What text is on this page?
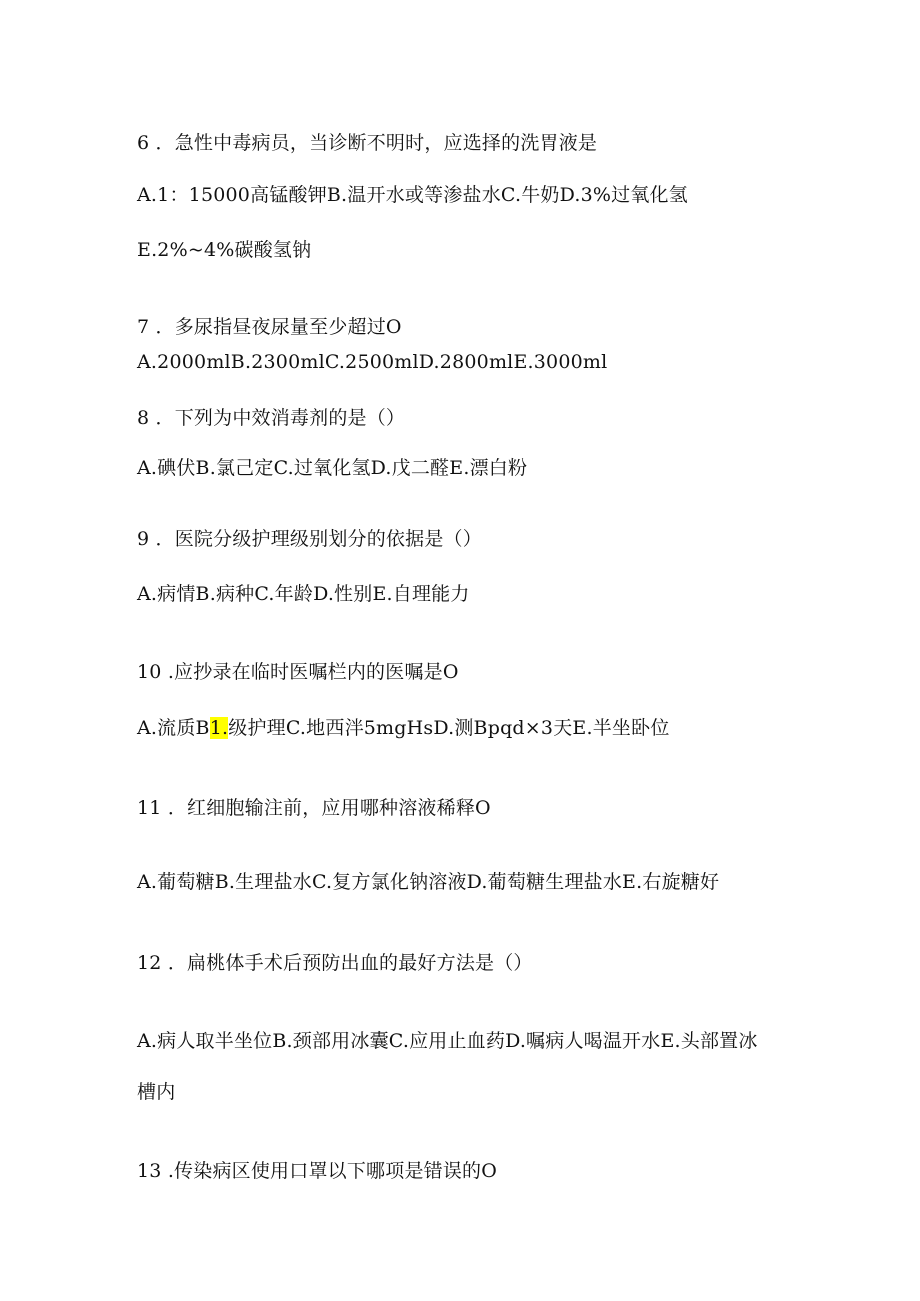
6 ．急性中毒病员，当诊断不明时，应选择的洗胃液是
A.1：15000高锰酸钾B.温开水或等渗盐水C.牛奶D.3%过氧化氢
E.2%~4%碳酸氢钠
7 ．多尿指昼夜尿量至少超过O
A.2000mlB.2300mlC.2500mlD.2800mlE.3000ml
8 ．下列为中效消毒剂的是（）
A.碘伏B.氯己定C.过氧化氢D.戊二醛E.漂白粉
9 ．医院分级护理级别划分的依据是（）
A.病情B.病种C.年龄D.性别E.自理能力
10 .应抄录在临时医嘱栏内的医嘱是O
A.流质B1.级护理C.地西泮5mgHsD.测Bpqd×3天E.半坐卧位
11 ．红细胞输注前，应用哪种溶液稀释O
A.葡萄糖B.生理盐水C.复方氯化钠溶液D.葡萄糖生理盐水E.右旋糖好
12 ．扁桃体手术后预防出血的最好方法是（）
A.病人取半坐位B.颈部用冰囊C.应用止血药D.嘱病人喝温开水E.头部置冰
槽内
13 .传染病区使用口罩以下哪项是错误的O
